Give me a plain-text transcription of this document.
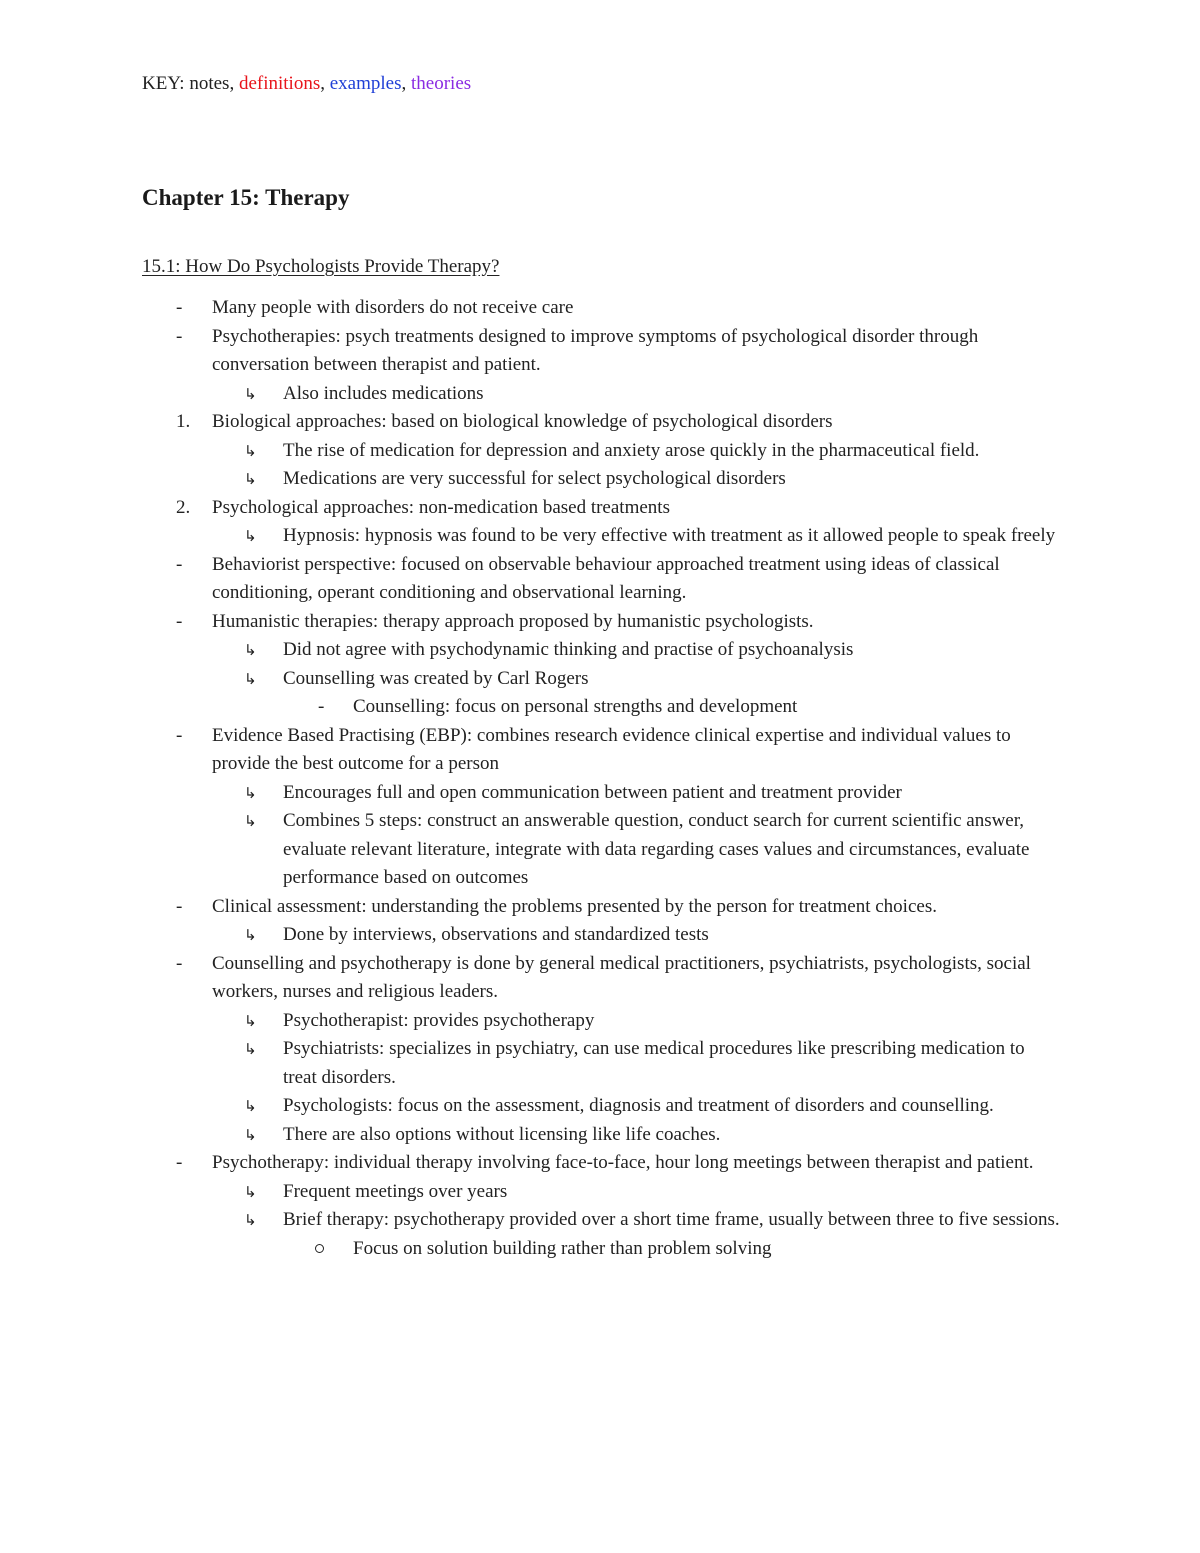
KEY: notes, definitions, examples, theories
Chapter 15: Therapy
15.1: How Do Psychologists Provide Therapy?
- Many people with disorders do not receive care
- Psychotherapies: psych treatments designed to improve symptoms of psychological disorder through conversation between therapist and patient.
↳ Also includes medications
1. Biological approaches: based on biological knowledge of psychological disorders
↳ The rise of medication for depression and anxiety arose quickly in the pharmaceutical field.
↳ Medications are very successful for select psychological disorders
2. Psychological approaches: non-medication based treatments
↳ Hypnosis: hypnosis was found to be very effective with treatment as it allowed people to speak freely
- Behaviorist perspective: focused on observable behaviour approached treatment using ideas of classical conditioning, operant conditioning and observational learning.
- Humanistic therapies: therapy approach proposed by humanistic psychologists.
↳ Did not agree with psychodynamic thinking and practise of psychoanalysis
↳ Counselling was created by Carl Rogers
- Counselling: focus on personal strengths and development
- Evidence Based Practising (EBP): combines research evidence clinical expertise and individual values to provide the best outcome for a person
↳ Encourages full and open communication between patient and treatment provider
↳ Combines 5 steps: construct an answerable question, conduct search for current scientific answer, evaluate relevant literature, integrate with data regarding cases values and circumstances, evaluate performance based on outcomes
- Clinical assessment: understanding the problems presented by the person for treatment choices.
↳ Done by interviews, observations and standardized tests
- Counselling and psychotherapy is done by general medical practitioners, psychiatrists, psychologists, social workers, nurses and religious leaders.
↳ Psychotherapist: provides psychotherapy
↳ Psychiatrists: specializes in psychiatry, can use medical procedures like prescribing medication to treat disorders.
↳ Psychologists: focus on the assessment, diagnosis and treatment of disorders and counselling.
↳ There are also options without licensing like life coaches.
- Psychotherapy: individual therapy involving face-to-face, hour long meetings between therapist and patient.
↳ Frequent meetings over years
↳ Brief therapy: psychotherapy provided over a short time frame, usually between three to five sessions.
Focus on solution building rather than problem solving
